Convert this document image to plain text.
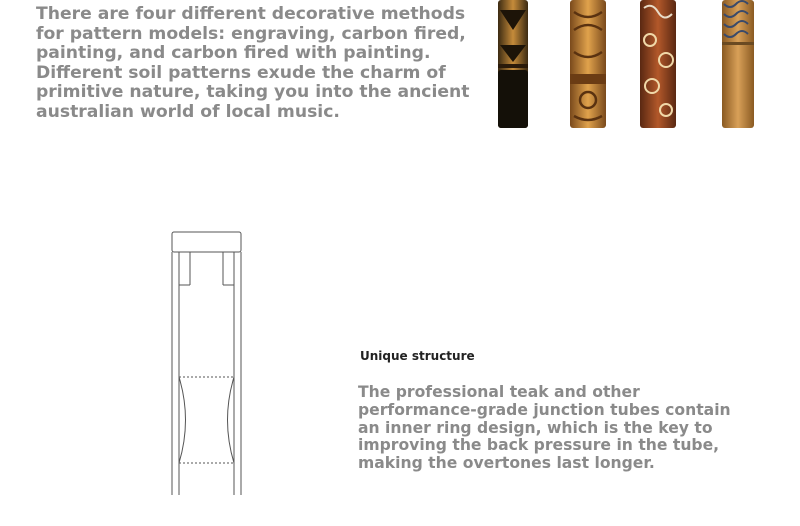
There are four different decorative methods for pattern models: engraving, carbon fired, painting, and carbon fired with painting. Different soil patterns exude the charm of primitive nature, taking you into the ancient australian world of local music.

Unique structure

The professional teak and other performance-grade junction tubes contain an inner ring design, which is the key to improving the back pressure in the tube, making the overtones last longer.
